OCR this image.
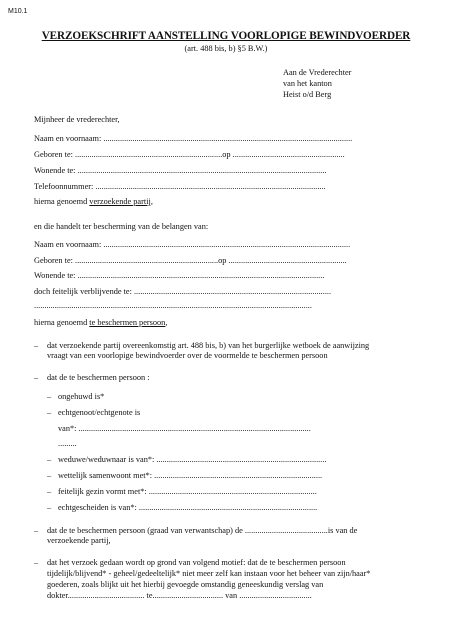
M10.1
VERZOEKSCHRIFT AANSTELLING VOORLOPIGE BEWINDVOERDER
(art. 488 bis, b) §5 B.W.)
Aan de Vrederechter
van het kanton
Heist o/d Berg
Mijnheer de vrederechter,
Naam en voornaam: ........................................................................................................................
Geboren te: .......................................................................op ......................................................
Wonende te: ........................................................................................................................
Telefoonnummer: ...............................................................................................................
hierna genoemd verzoekende partij,
en die handelt ter bescherming van de belangen van:
Naam en voornaam: .......................................................................................................................
Geboren te: .....................................................................op .........................................................
Wonende te: .......................................................................................................................
doch feitelijk verblijvende te: ...............................................................................................
......................................................................................................................................
hierna genoemd te beschermen persoon,
– dat verzoekende partij overeenkomstig art. 488 bis, b) van het burgerlijke wetboek de aanwijzing
vraagt van een voorlopige bewindvoerder over de voormelde te beschermen persoon
– dat de te beschermen persoon :
– ongehuwd is*
– echtgenoot/echtgenote is
van*: ................................................................................................................
.........
– weduwe/weduwnaar is van*: ..................................................................................
– wettelijk samenwoont met*: .................................................................................
– feitelijk gezin vormt met*: .................................................................................
– echtgescheiden is van*: ......................................................................................
– dat de te beschermen persoon (graad van verwantschap) de ........................................is van de
verzoekende partij,
– dat het verzoek gedaan wordt op grond van volgend motief: dat de te beschermen persoon
tijdelijk/blijvend* - geheel/gedeeltelijk* niet meer zelf kan instaan voor het beheer van zijn/haar*
goederen, zoals blijkt uit het hierbij gevoegde omstandig geneeskundig verslag van
dokter..................................... te.................................. van ...................................
